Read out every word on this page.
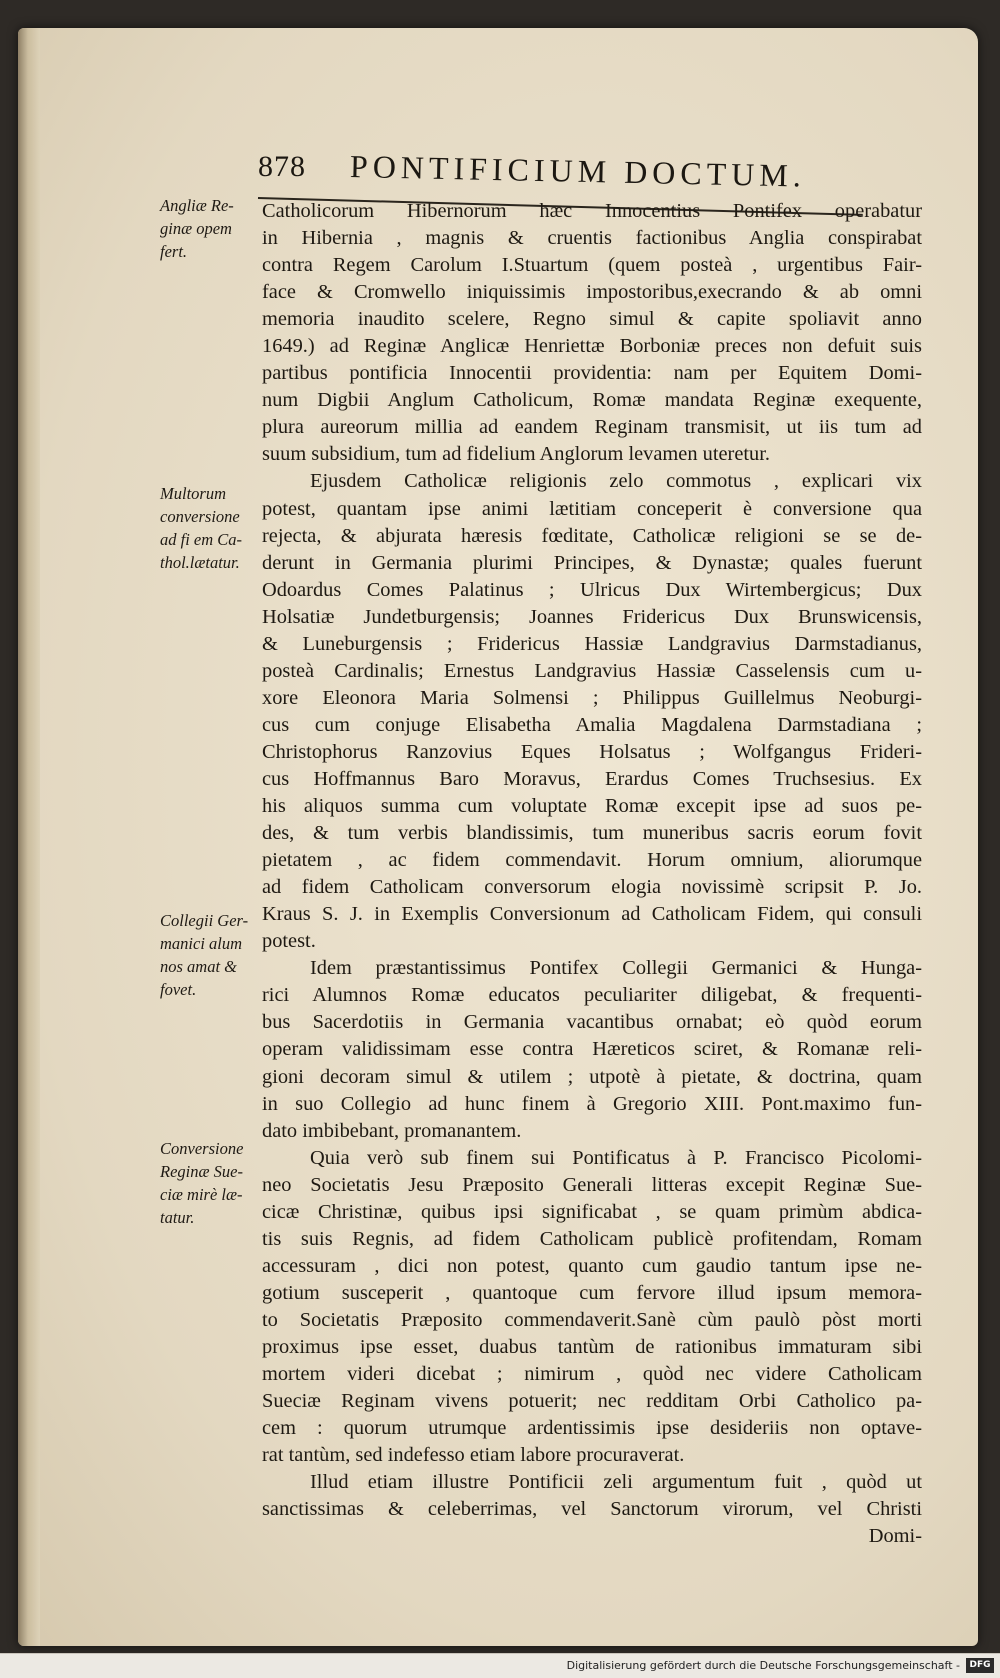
878 PONTIFICIUM DOCTUM.
Angliæ Re-
ginæ opem
fert.
Multorum
conversione
ad fi em Ca-
thol.lætatur.
Collegii Ger-
manici alum
nos amat &
fovet.
Conversione
Reginæ Sue-
ciæ mirè læ-
tatur.
Catholicorum Hibernorum hæc Innocentius Pontifex operabatur
in Hibernia , magnis & cruentis factionibus Anglia conspirabat
contra Regem Carolum I.Stuartum (quem posteà , urgentibus Fair-
face & Cromwello iniquissimis impostoribus,execrando & ab omni
memoria inaudito scelere, Regno simul & capite spoliavit anno
1649.) ad Reginæ Anglicæ Henriettæ Borboniæ preces non defuit suis
partibus pontificia Innocentii providentia: nam per Equitem Domi-
num Digbii Anglum Catholicum, Romæ mandata Reginæ exequente,
plura aureorum millia ad eandem Reginam transmisit, ut iis tum ad
suum subsidium, tum ad fidelium Anglorum levamen uteretur.
Ejusdem Catholicæ religionis zelo commotus , explicari vix
potest, quantam ipse animi lætitiam conceperit è conversione qua
rejecta, & abjurata hæresis fœditate, Catholicæ religioni se se de-
derunt in Germania plurimi Principes, & Dynastæ; quales fuerunt
Odoardus Comes Palatinus ; Ulricus Dux Wirtembergicus; Dux
Holsatiæ Jundetburgensis; Joannes Fridericus Dux Brunswicensis,
& Luneburgensis ; Fridericus Hassiæ Landgravius Darmstadianus,
posteà Cardinalis; Ernestus Landgravius Hassiæ Casselensis cum u-
xore Eleonora Maria Solmensi ; Philippus Guillelmus Neoburgi-
cus cum conjuge Elisabetha Amalia Magdalena Darmstadiana ;
Christophorus Ranzovius Eques Holsatus ; Wolfgangus Frideri-
cus Hoffmannus Baro Moravus, Erardus Comes Truchsesius. Ex
his aliquos summa cum voluptate Romæ excepit ipse ad suos pe-
des, & tum verbis blandissimis, tum muneribus sacris eorum fovit
pietatem , ac fidem commendavit. Horum omnium, aliorumque
ad fidem Catholicam conversorum elogia novissimè scripsit P. Jo.
Kraus S. J. in Exemplis Conversionum ad Catholicam Fidem, qui consuli
potest.
Idem præstantissimus Pontifex Collegii Germanici & Hunga-
rici Alumnos Romæ educatos peculiariter diligebat, & frequenti-
bus Sacerdotiis in Germania vacantibus ornabat; eò quòd eorum
operam validissimam esse contra Hæreticos sciret, & Romanæ reli-
gioni decoram simul & utilem ; utpotè à pietate, & doctrina, quam
in suo Collegio ad hunc finem à Gregorio XIII. Pont.maximo fun-
dato imbibebant, promanantem.
Quia verò sub finem sui Pontificatus à P. Francisco Picolomi-
neo Societatis Jesu Præposito Generali litteras excepit Reginæ Sue-
cicæ Christinæ, quibus ipsi significabat , se quam primùm abdica-
tis suis Regnis, ad fidem Catholicam publicè profitendam, Romam
accessuram , dici non potest, quanto cum gaudio tantum ipse ne-
gotium susceperit , quantoque cum fervore illud ipsum memora-
to Societatis Præposito commendaverit.Sanè cùm paulò pòst morti
proximus ipse esset, duabus tantùm de rationibus immaturam sibi
mortem videri dicebat ; nimirum , quòd nec videre Catholicam
Sueciæ Reginam vivens potuerit; nec redditam Orbi Catholico pa-
cem : quorum utrumque ardentissimis ipse desideriis non optave-
rat tantùm, sed indefesso etiam labore procuraverat.
Illud etiam illustre Pontificii zeli argumentum fuit , quòd ut
sanctissimas & celeberrimas, vel Sanctorum virorum, vel Christi
Domi-
Digitalisierung gefördert durch die Deutsche Forschungsgemeinschaft -	DFG
